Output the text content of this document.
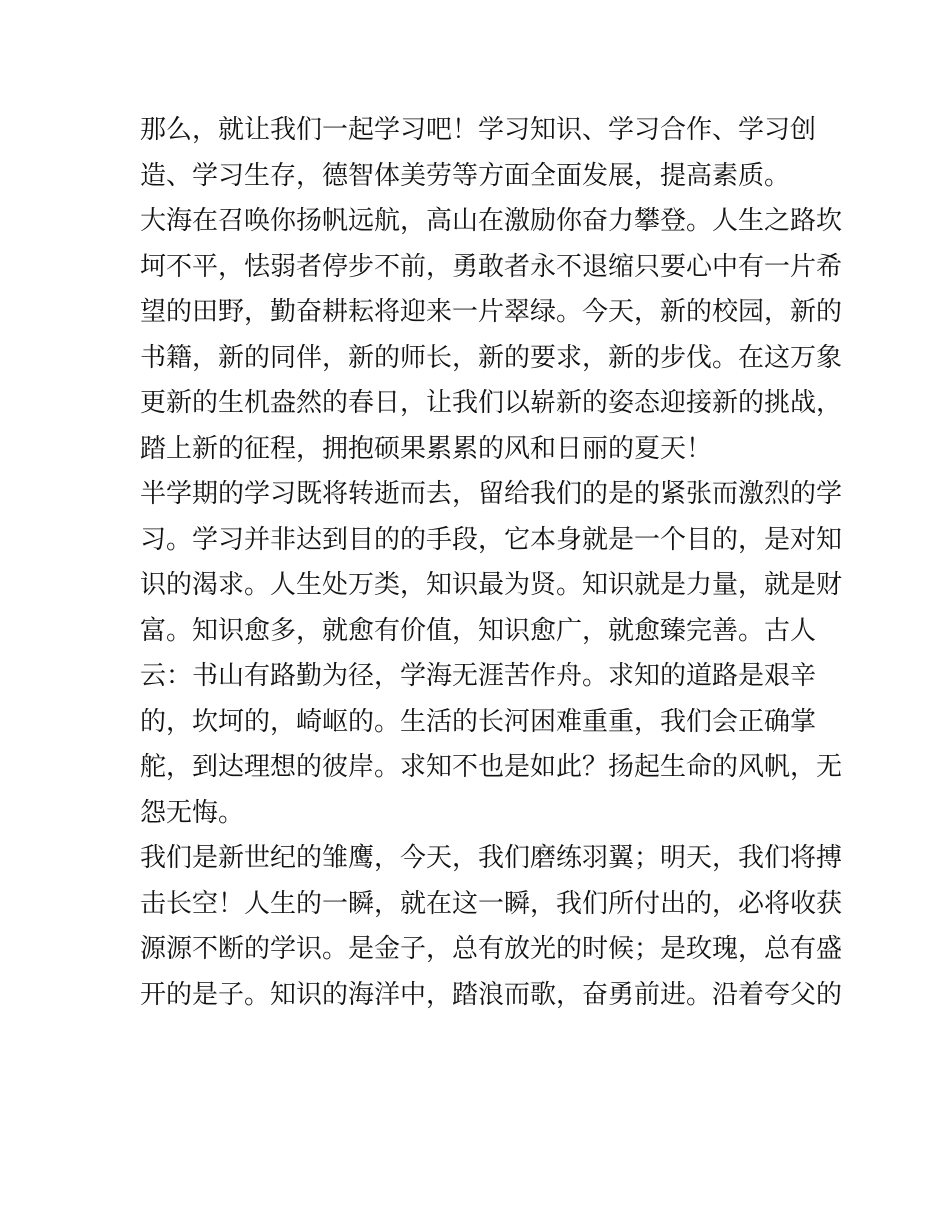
那么，就让我们一起学习吧！学习知识、学习合作、学习创
造、学习生存，德智体美劳等方面全面发展，提高素质。
大海在召唤你扬帆远航，高山在激励你奋力攀登。人生之路坎
坷不平，怯弱者停步不前，勇敢者永不退缩只要心中有一片希
望的田野，勤奋耕耘将迎来一片翠绿。今天，新的校园，新的
书籍，新的同伴，新的师长，新的要求，新的步伐。在这万象
更新的生机盎然的春日，让我们以崭新的姿态迎接新的挑战，
踏上新的征程，拥抱硕果累累的风和日丽的夏天！
半学期的学习既将转逝而去，留给我们的是的紧张而激烈的学
习。学习并非达到目的的手段，它本身就是一个目的，是对知
识的渴求。人生处万类，知识最为贤。知识就是力量，就是财
富。知识愈多，就愈有价值，知识愈广，就愈臻完善。古人
云：书山有路勤为径，学海无涯苦作舟。求知的道路是艰辛
的，坎坷的，崎岖的。生活的长河困难重重，我们会正确掌
舵，到达理想的彼岸。求知不也是如此？扬起生命的风帆，无
怨无悔。
我们是新世纪的雏鹰，今天，我们磨练羽翼；明天，我们将搏
击长空！人生的一瞬，就在这一瞬，我们所付出的，必将收获
源源不断的学识。是金子，总有放光的时候；是玫瑰，总有盛
开的是子。知识的海洋中，踏浪而歌，奋勇前进。沿着夸父的
